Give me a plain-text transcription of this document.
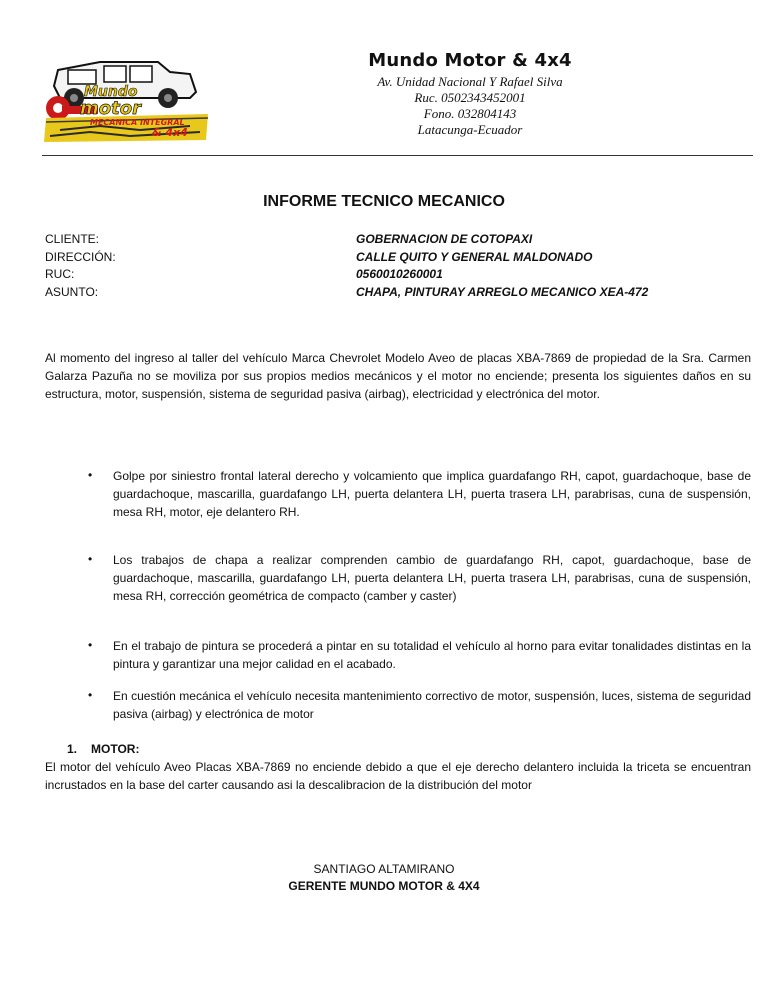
Mundo
motor
MECANICA INTEGRAL
& 4x4
Mundo Motor & 4x4
Av. Unidad Nacional Y Rafael Silva
Ruc. 0502343452001
Fono. 032804143
Latacunga-Ecuador
INFORME TECNICO MECANICO
CLIENTE:	GOBERNACION DE COTOPAXI
DIRECCIÓN:	CALLE QUITO Y GENERAL MALDONADO
RUC:	0560010260001
ASUNTO:	CHAPA, PINTURAY ARREGLO MECANICO XEA-472
Al momento del ingreso al taller del vehículo Marca Chevrolet Modelo Aveo de placas XBA-7869 de propiedad de la Sra. Carmen Galarza Pazuña no se moviliza por sus propios medios mecánicos y el motor no enciende; presenta los siguientes daños en su estructura, motor, suspensión, sistema de seguridad pasiva (airbag), electricidad y electrónica del motor.
• Golpe por siniestro frontal lateral derecho y volcamiento que implica guardafango RH, capot, guardachoque, base de guardachoque, mascarilla, guardafango LH, puerta delantera LH, puerta trasera LH, parabrisas, cuna de suspensión, mesa RH, motor, eje delantero RH.
• Los trabajos de chapa a realizar comprenden cambio de guardafango RH, capot, guardachoque, base de guardachoque, mascarilla, guardafango LH, puerta delantera LH, puerta trasera LH, parabrisas, cuna de suspensión, mesa RH, corrección geométrica de compacto (camber y caster)
• En el trabajo de pintura se procederá a pintar en su totalidad el vehículo al horno para evitar tonalidades distintas en la pintura y garantizar una mejor calidad en el acabado.
• En cuestión mecánica el vehículo necesita mantenimiento correctivo de motor, suspensión, luces, sistema de seguridad pasiva (airbag) y electrónica de motor
1. MOTOR:
El motor del vehículo Aveo Placas XBA-7869 no enciende debido a que el eje derecho delantero incluida la triceta se encuentran incrustados en la base del carter causando asi la descalibracion de la distribución del motor
SANTIAGO ALTAMIRANO
GERENTE MUNDO MOTOR & 4X4
